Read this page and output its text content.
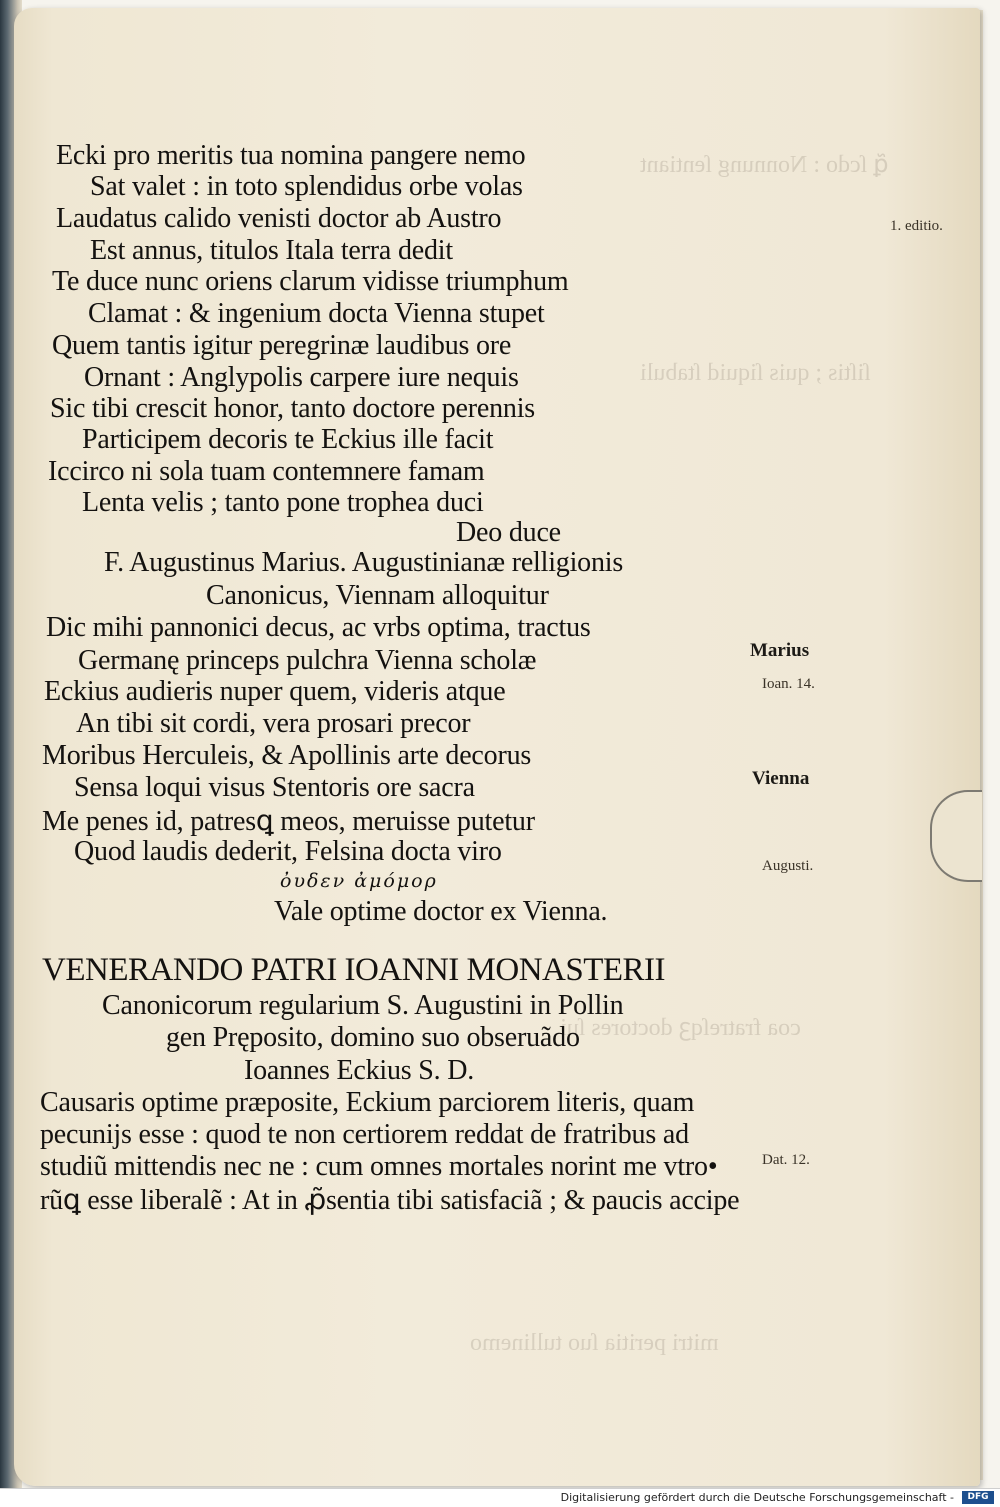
ꝗ̃ ſcdo : Nonnung ſentiant
ſiſtis ; quis ſiquid ſtabuli
coa fratreſqꝫ doctores ſui
mitri peritia ſuo tullinemo
Ecki pro meritis tua nomina pangere nemo
Sat valet : in toto splendidus orbe volas
Laudatus calido venisti doctor ab Austro
Est annus, titulos Itala terra dedit
Te duce nunc oriens clarum vidisse triumphum
Clamat : & ingenium docta Vienna stupet
Quem tantis igitur peregrinæ laudibus ore
Ornant : Anglypolis carpere iure nequis
Sic tibi crescit honor, tanto doctore perennis
Participem decoris te Eckius ille facit
Iccirco ni sola tuam contemnere famam
Lenta velis ; tanto pone trophea duci
Deo duce
F. Augustinus Marius. Augustinianæ relligionis
Canonicus, Viennam alloquitur
Dic mihi pannonici decus, ac vrbs optima, tractus
Germanę princeps pulchra Vienna scholæ
Eckius audieris nuper quem, videris atque
An tibi sit cordi, vera prosari precor
Moribus Herculeis, & Apollinis arte decorus
Sensa loqui visus Stentoris ore sacra
Me penes id, patresꝗ meos, meruisse putetur
Quod laudis dederit, Felsina docta viro
ὀυδεν ἀμόμορ
Vale optime doctor ex Vienna.
VENERANDO PATRI IOANNI MONASTERII
Canonicorum regularium S. Augustini in Pollin
gen Pręposito, domino suo obseruãdo
Ioannes Eckius S. D.
Causaris optime præposite, Eckium parciorem literis, quam
pecunijs esse : quod te non certiorem reddat de fratribus ad
studiũ mittendis nec ne : cum omnes mortales norint me vtro•
rũꝗ esse liberalẽ : At in ꝓ̃sentia tibi satisfaciã ; & paucis accipe
Marius
Vienna
1. editio.
Ioan. 14.
Augusti.
Dat. 12.
Digitalisierung gefördert durch die Deutsche Forschungsgemeinschaft -	DFG
